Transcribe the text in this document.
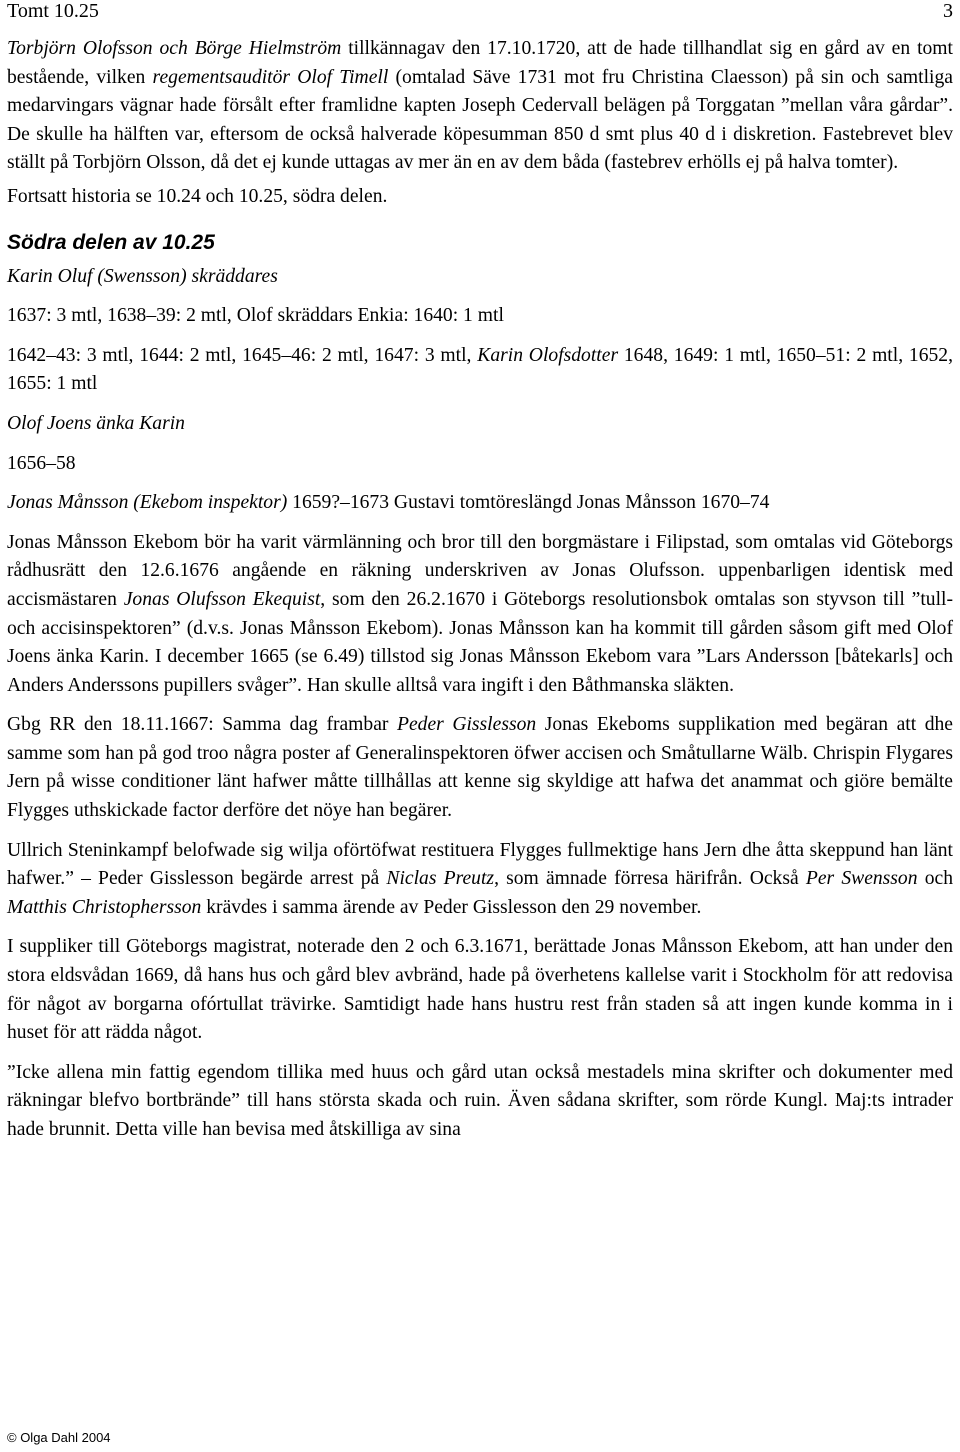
Tomt 10.25	3

Torbjörn Olofsson och Börge Hielmström tillkännagav den 17.10.1720, att de hade tillhandlat sig en gård av en tomt bestående, vilken regementsauditör Olof Timell (omtalad Säve 1731 mot fru Christina Claesson) på sin och samtliga medarvingars vägnar hade försålt efter framlidne kapten Joseph Cedervall belägen på Torggatan ”mellan våra gårdar”. De skulle ha hälften var, eftersom de också halverade köpesumman 850 d smt plus 40 d i diskretion. Fastebrevet blev ställt på Torbjörn Olsson, då det ej kunde uttagas av mer än en av dem båda (fastebrev erhölls ej på halva tomter).

Fortsatt historia se 10.24 och 10.25, södra delen.

Södra delen av 10.25

Karin Oluf (Swensson) skräddares

1637: 3 mtl, 1638–39: 2 mtl, Olof skräddars Enkia: 1640: 1 mtl

1642–43: 3 mtl, 1644: 2 mtl, 1645–46: 2 mtl, 1647: 3 mtl, Karin Olofsdotter 1648, 1649: 1 mtl, 1650–51: 2 mtl, 1652, 1655: 1 mtl

Olof Joens änka Karin

1656–58

Jonas Månsson (Ekebom inspektor) 1659?–1673 Gustavi tomtöreslängd Jonas Månsson 1670–74

Jonas Månsson Ekebom bör ha varit värmlänning och bror till den borgmästare i Filipstad, som omtalas vid Göteborgs rådhusrätt den 12.6.1676 angående en räkning underskriven av Jonas Olufsson. uppenbarligen identisk med accismästaren Jonas Olufsson Ekequist, som den 26.2.1670 i Göteborgs resolutionsbok omtalas son styvson till ”tull- och accisinspektoren” (d.v.s. Jonas Månsson Ekebom). Jonas Månsson kan ha kommit till gården såsom gift med Olof Joens änka Karin. I december 1665 (se 6.49) tillstod sig Jonas Månsson Ekebom vara ”Lars Andersson [båtekarls] och Anders Anderssons pupillers svåger”. Han skulle alltså vara ingift i den Båthmanska släkten.

Gbg RR den 18.11.1667: Samma dag frambar Peder Gisslesson Jonas Ekeboms supplikation med begäran att dhe samme som han på god troo några poster af Generalinspektoren öfwer accisen och Småtullarne Wälb. Chrispin Flygares Jern på wisse conditioner länt hafwer måtte tillhållas att kenne sig skyldige att hafwa det anammat och giöre bemälte Flygges uthskickade factor derföre det nöye han begärer.

Ullrich Steninkampf belofwade sig wilja oförtöfwat restituera Flygges fullmektige hans Jern dhe åtta skeppund han länt hafwer.” – Peder Gisslesson begärde arrest på Niclas Preutz, som ämnade förresa härifrån. Också Per Swensson och Matthis Christophersson krävdes i samma ärende av Peder Gisslesson den 29 november.

I suppliker till Göteborgs magistrat, noterade den 2 och 6.3.1671, berättade Jonas Månsson Ekebom, att han under den stora eldsvådan 1669, då hans hus och gård blev avbränd, hade på överhetens kallelse varit i Stockholm för att redovisa för något av borgarna ofórtullat trävirke. Samtidigt hade hans hustru rest från staden så att ingen kunde komma in i huset för att rädda något.

”Icke allena min fattig egendom tillika med huus och gård utan också mestadels mina skrifter och dokumenter med räkningar blefvo bortbrände” till hans största skada och ruin. Även sådana skrifter, som rörde Kungl. Maj:ts intrader hade brunnit. Detta ville han bevisa med åtskilliga av sina

© Olga Dahl 2004
